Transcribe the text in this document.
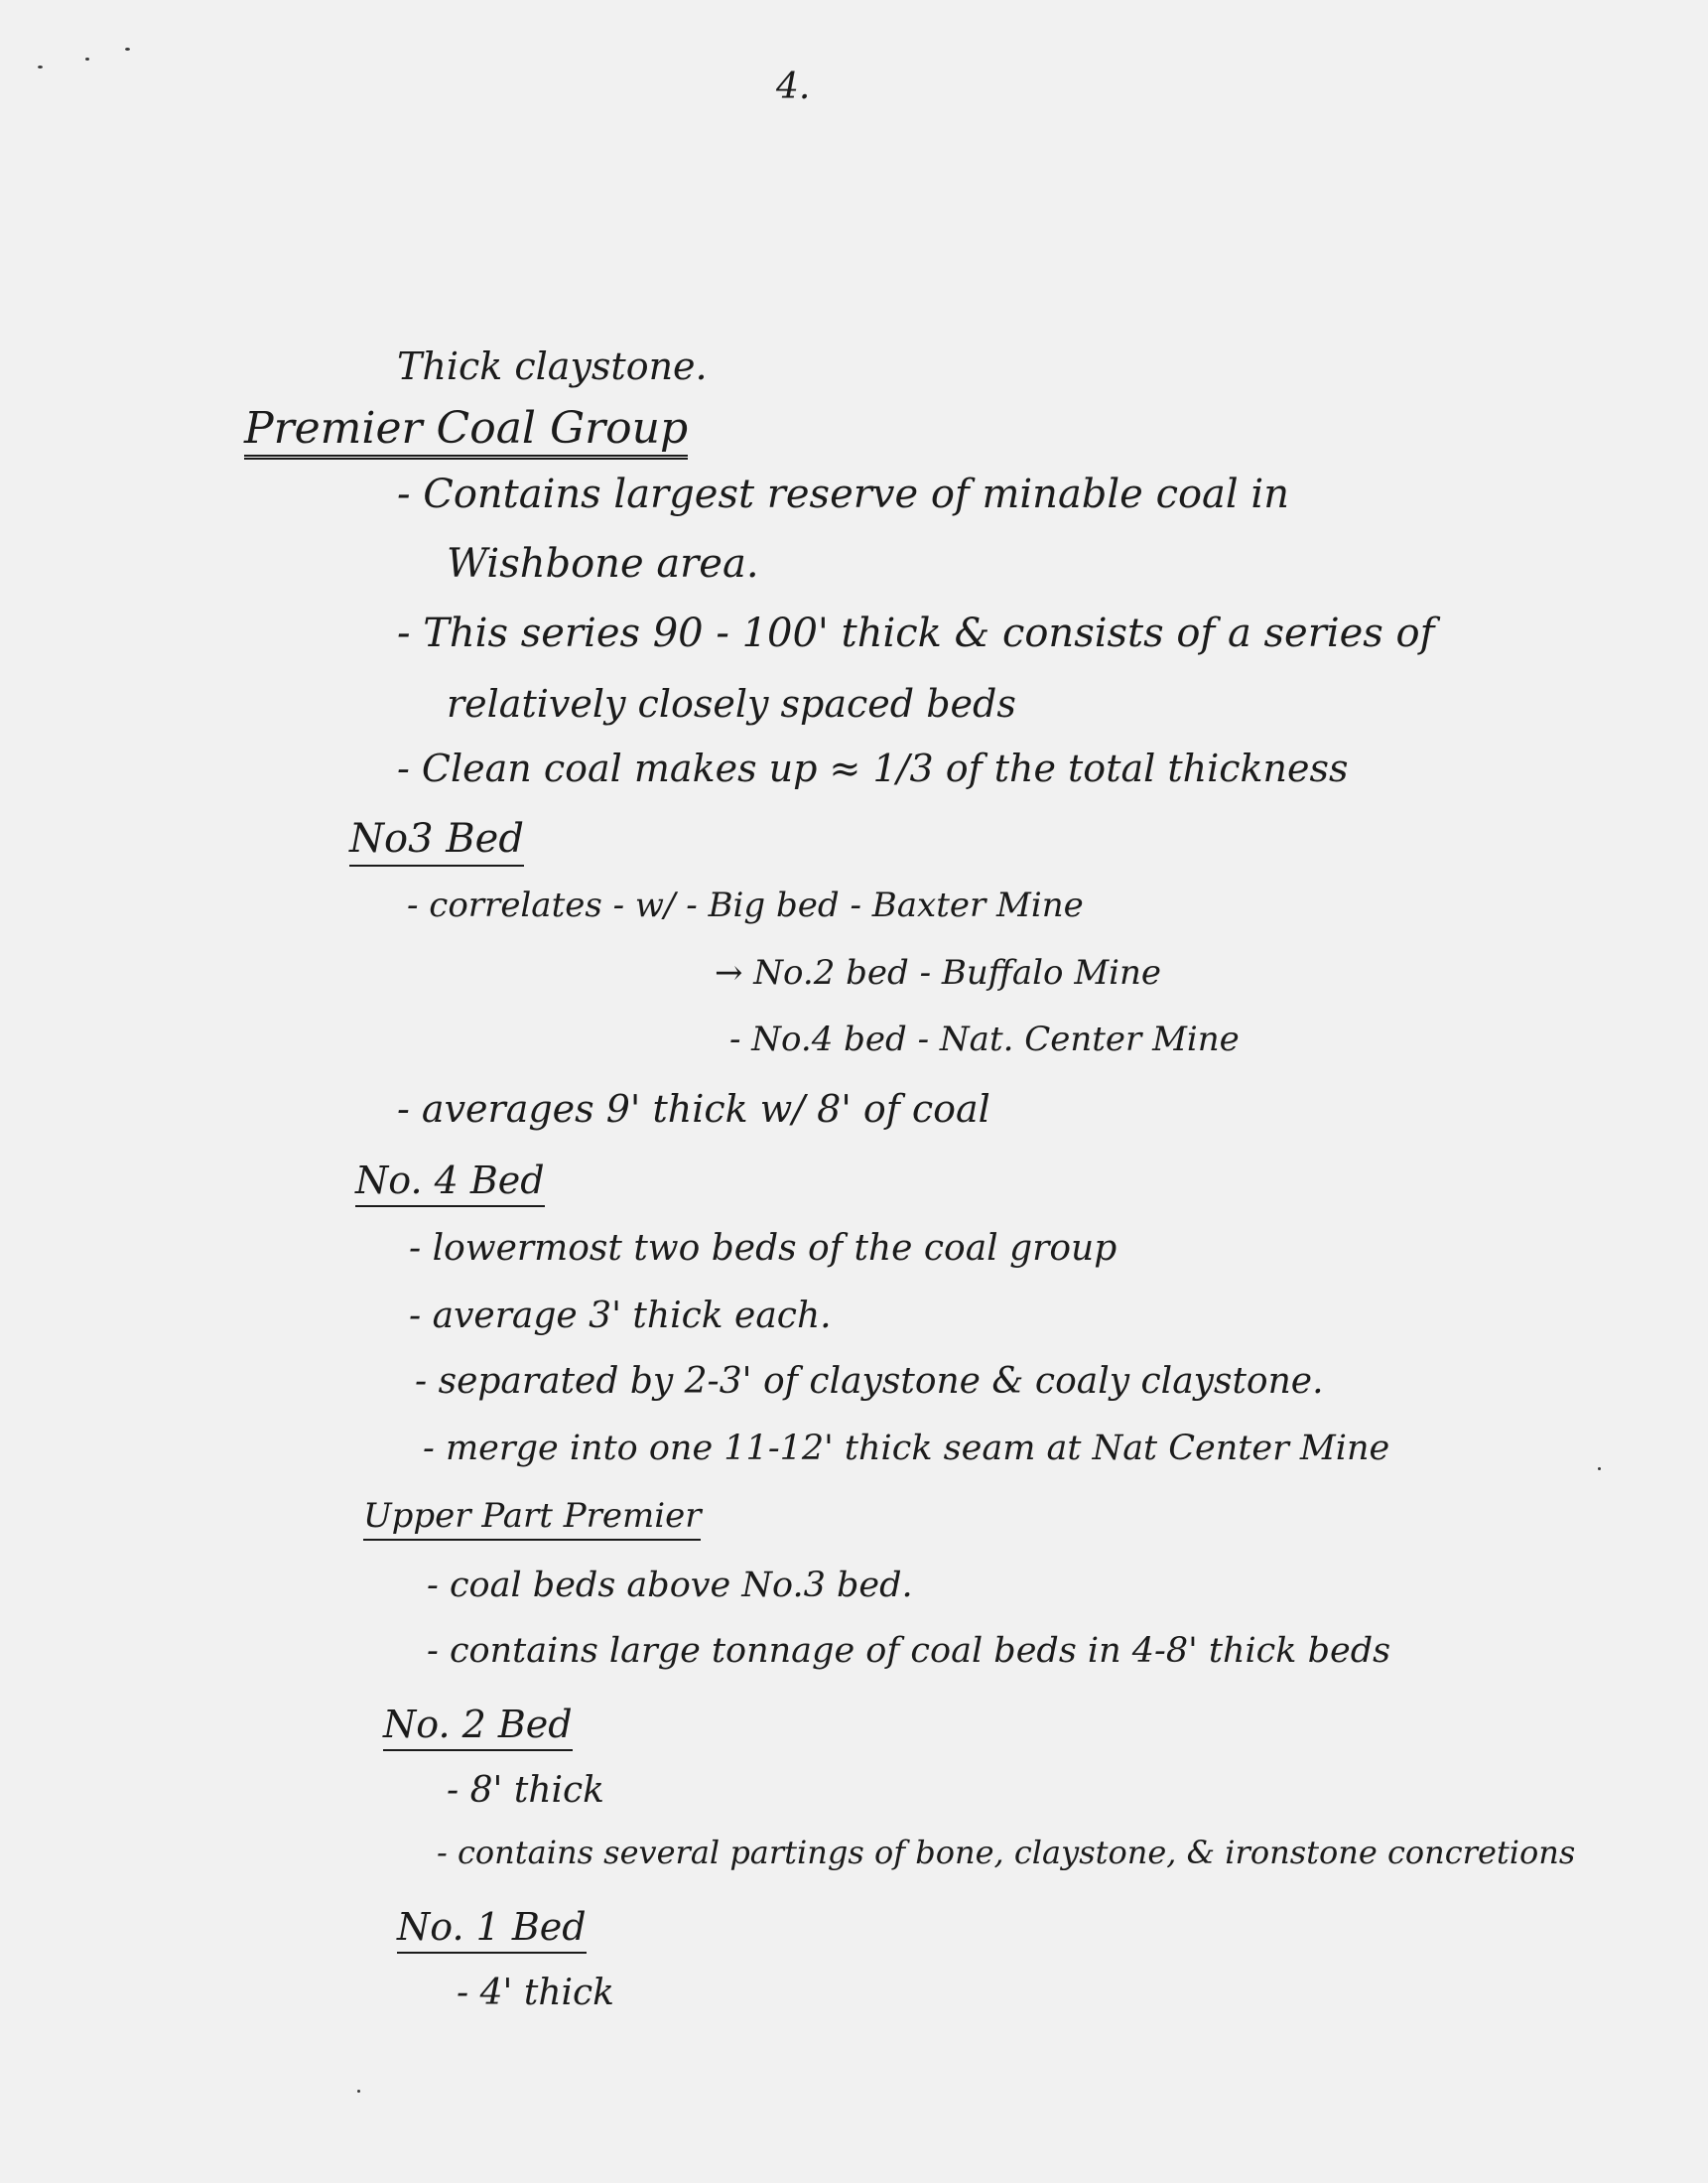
4.
Thick claystone.
Premier Coal Group
- Contains largest reserve of minable coal in
Wishbone area.
- This series 90 - 100' thick & consists of a series of
relatively closely spaced beds
- Clean coal makes up ≈ 1/3 of the total thickness
No3 Bed
- correlates - w/ - Big bed - Baxter Mine
→ No.2 bed - Buffalo Mine
- No.4 bed - Nat. Center Mine
- averages 9' thick w/ 8' of coal
No. 4 Bed
- lowermost two beds of the coal group
- average 3' thick each.
- separated by 2-3' of claystone & coaly claystone.
- merge into one 11-12' thick seam at Nat Center Mine
Upper Part Premier
- coal beds above No.3 bed.
- contains large tonnage of coal beds in 4-8' thick beds
No. 2 Bed
- 8' thick
- contains several partings of bone, claystone, & ironstone concretions
No. 1 Bed
- 4' thick
